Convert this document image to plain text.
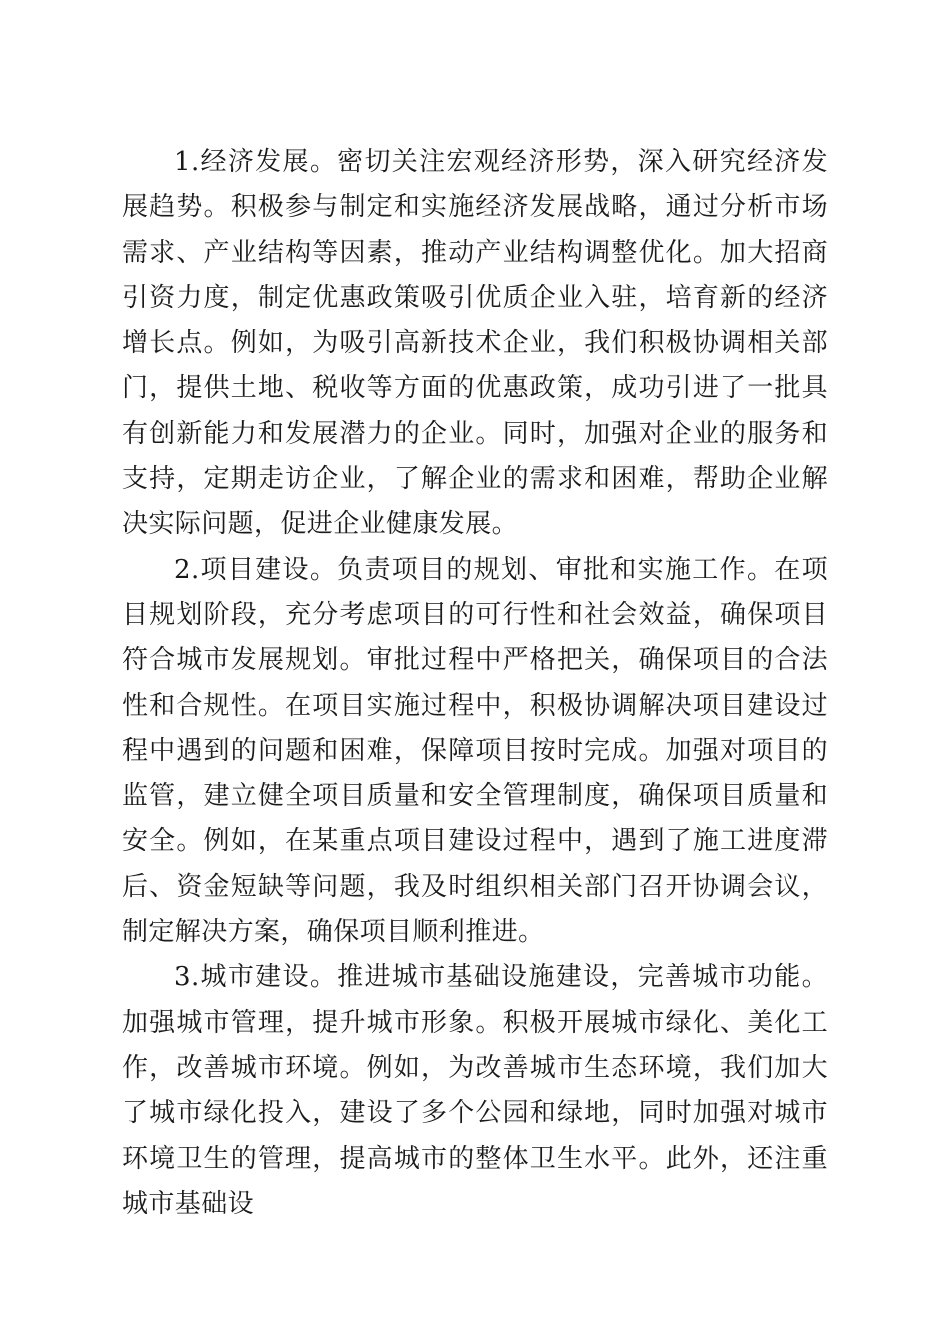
1.经济发展。密切关注宏观经济形势，深入研究经济发展趋势。积极参与制定和实施经济发展战略，通过分析市场需求、产业结构等因素，推动产业结构调整优化。加大招商引资力度，制定优惠政策吸引优质企业入驻，培育新的经济增长点。例如，为吸引高新技术企业，我们积极协调相关部门，提供土地、税收等方面的优惠政策，成功引进了一批具有创新能力和发展潜力的企业。同时，加强对企业的服务和支持，定期走访企业，了解企业的需求和困难，帮助企业解决实际问题，促进企业健康发展。

2.项目建设。负责项目的规划、审批和实施工作。在项目规划阶段，充分考虑项目的可行性和社会效益，确保项目符合城市发展规划。审批过程中严格把关，确保项目的合法性和合规性。在项目实施过程中，积极协调解决项目建设过程中遇到的问题和困难，保障项目按时完成。加强对项目的监管，建立健全项目质量和安全管理制度，确保项目质量和安全。例如，在某重点项目建设过程中，遇到了施工进度滞后、资金短缺等问题，我及时组织相关部门召开协调会议，制定解决方案，确保项目顺利推进。

3.城市建设。推进城市基础设施建设，完善城市功能。加强城市管理，提升城市形象。积极开展城市绿化、美化工作，改善城市环境。例如，为改善城市生态环境，我们加大了城市绿化投入，建设了多个公园和绿地，同时加强对城市环境卫生的管理，提高城市的整体卫生水平。此外，还注重城市基础设
